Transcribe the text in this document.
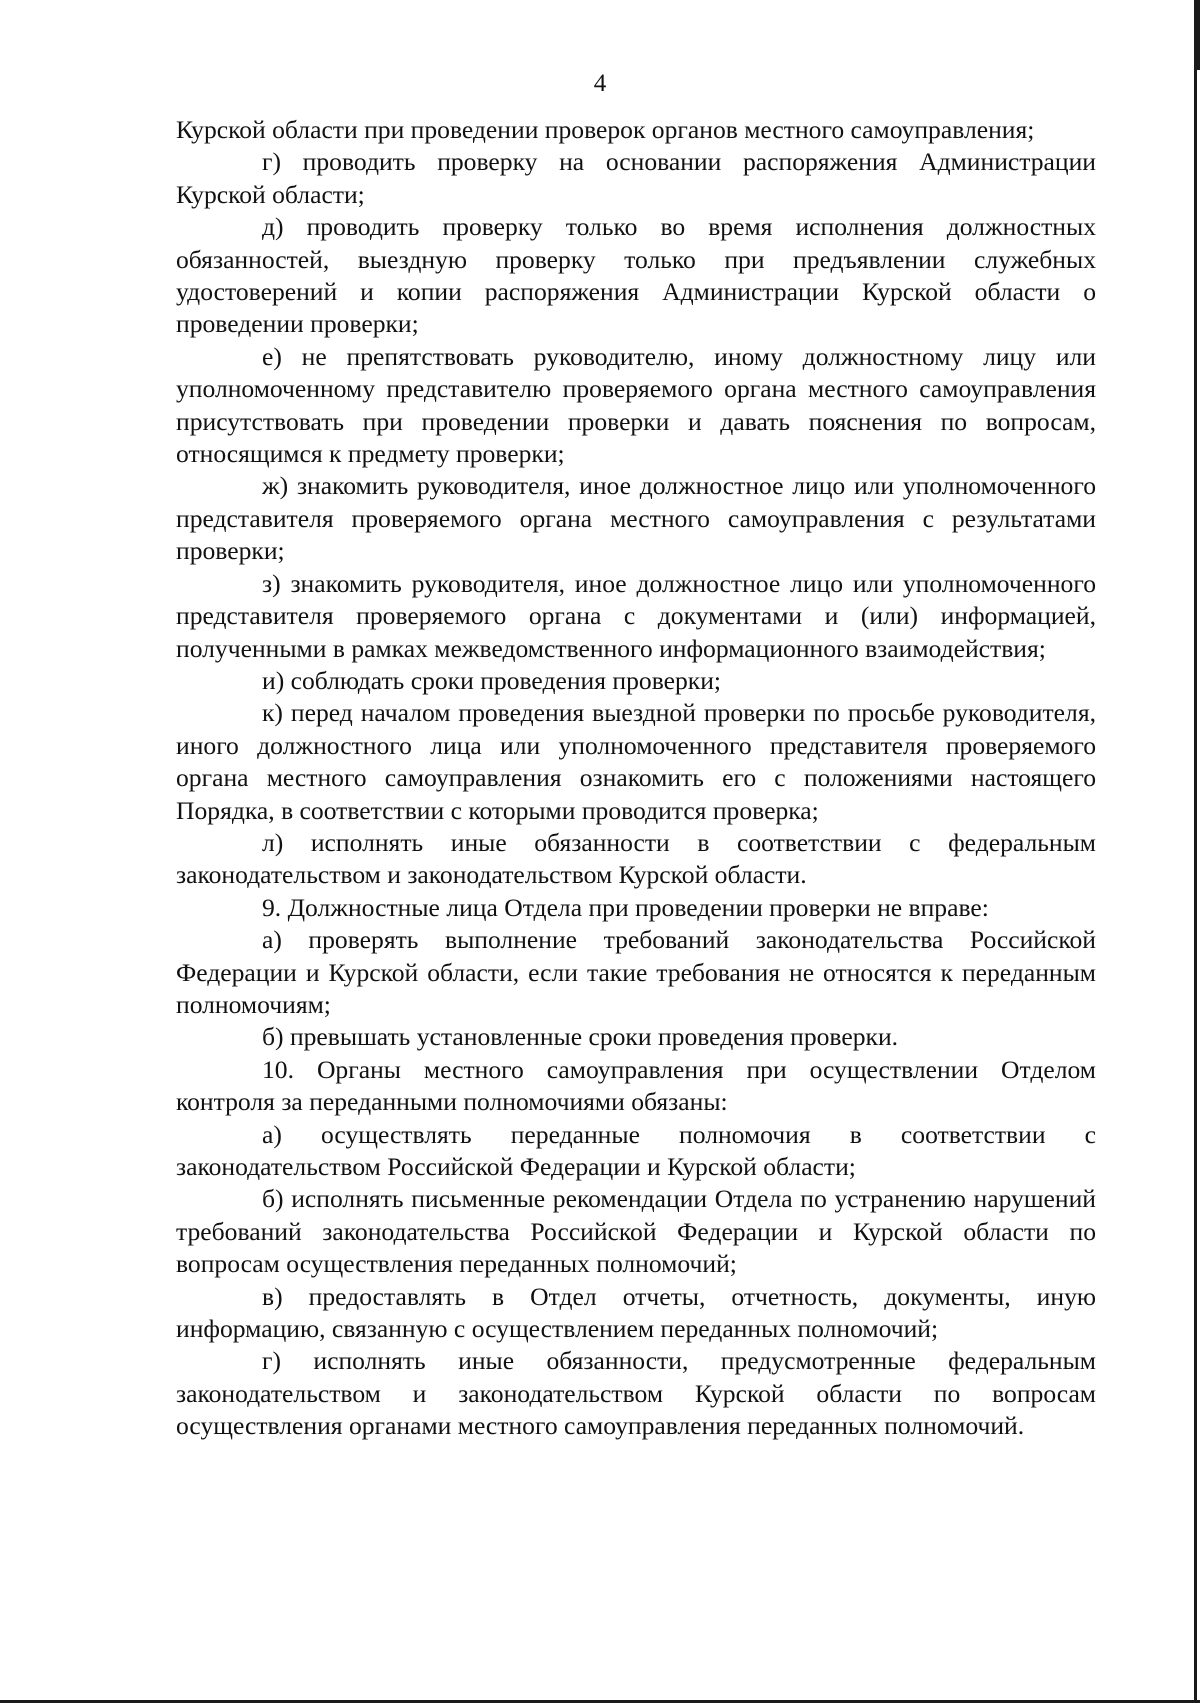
4

Курской области при проведении проверок органов местного самоуправления;

г) проводить проверку на основании распоряжения Администрации Курской области;

д) проводить проверку только во время исполнения должностных обязанностей, выездную проверку только при предъявлении служебных удостоверений и копии распоряжения Администрации Курской области о проведении проверки;

е) не препятствовать руководителю, иному должностному лицу или уполномоченному представителю проверяемого органа местного самоуправления присутствовать при проведении проверки и давать пояснения по вопросам, относящимся к предмету проверки;

ж) знакомить руководителя, иное должностное лицо или уполномоченного представителя проверяемого органа местного самоуправления с результатами проверки;

з) знакомить руководителя, иное должностное лицо или уполномоченного представителя проверяемого органа с документами и (или) информацией, полученными в рамках межведомственного информационного взаимодействия;

и) соблюдать сроки проведения проверки;

к) перед началом проведения выездной проверки по просьбе руководителя, иного должностного лица или уполномоченного представителя проверяемого органа местного самоуправления ознакомить его с положениями настоящего Порядка, в соответствии с которыми проводится проверка;

л) исполнять иные обязанности в соответствии с федеральным законодательством и законодательством Курской области.

9. Должностные лица Отдела при проведении проверки не вправе:

а) проверять выполнение требований законодательства Российской Федерации и Курской области, если такие требования не относятся к переданным полномочиям;

б) превышать установленные сроки проведения проверки.

10. Органы местного самоуправления при осуществлении Отделом контроля за переданными полномочиями обязаны:

а) осуществлять переданные полномочия в соответствии с законодательством Российской Федерации и Курской области;

б) исполнять письменные рекомендации Отдела по устранению нарушений требований законодательства Российской Федерации и Курской области по вопросам осуществления переданных полномочий;

в) предоставлять в Отдел отчеты, отчетность, документы, иную информацию, связанную с осуществлением переданных полномочий;

г) исполнять иные обязанности, предусмотренные федеральным законодательством и законодательством Курской области по вопросам осуществления органами местного самоуправления переданных полномочий.
